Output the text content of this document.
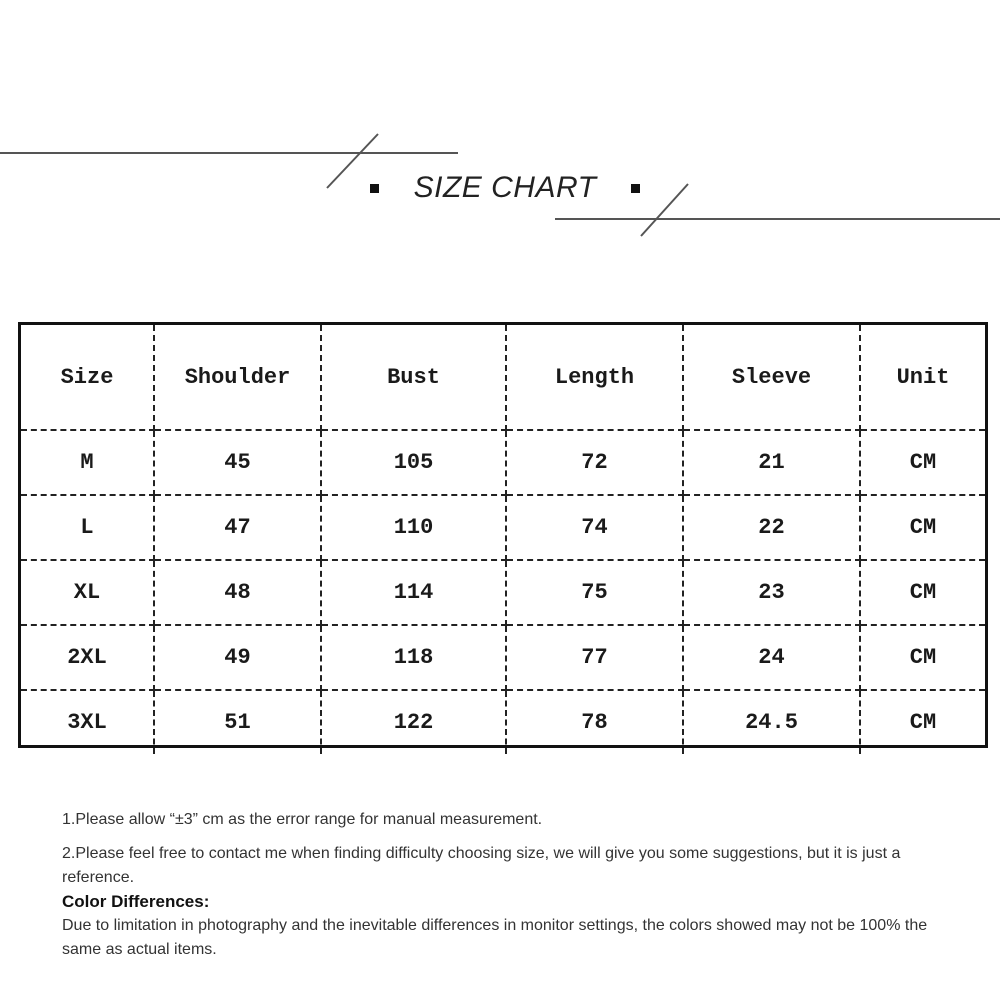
SIZE CHART
Size	Shoulder	Bust	Length	Sleeve	Unit
M	45	105	72	21	CM
L	47	110	74	22	CM
XL	48	114	75	23	CM
2XL	49	118	77	24	CM
3XL	51	122	78	24.5	CM

1.Please allow “±3” cm as the error range for manual measurement.

2.Please feel free to contact me when finding difficulty choosing size, we will give you some suggestions, but it is just a reference.

Color Differences:

Due to limitation in photography and the inevitable differences in monitor settings, the colors showed may not be 100% the same as actual items.
